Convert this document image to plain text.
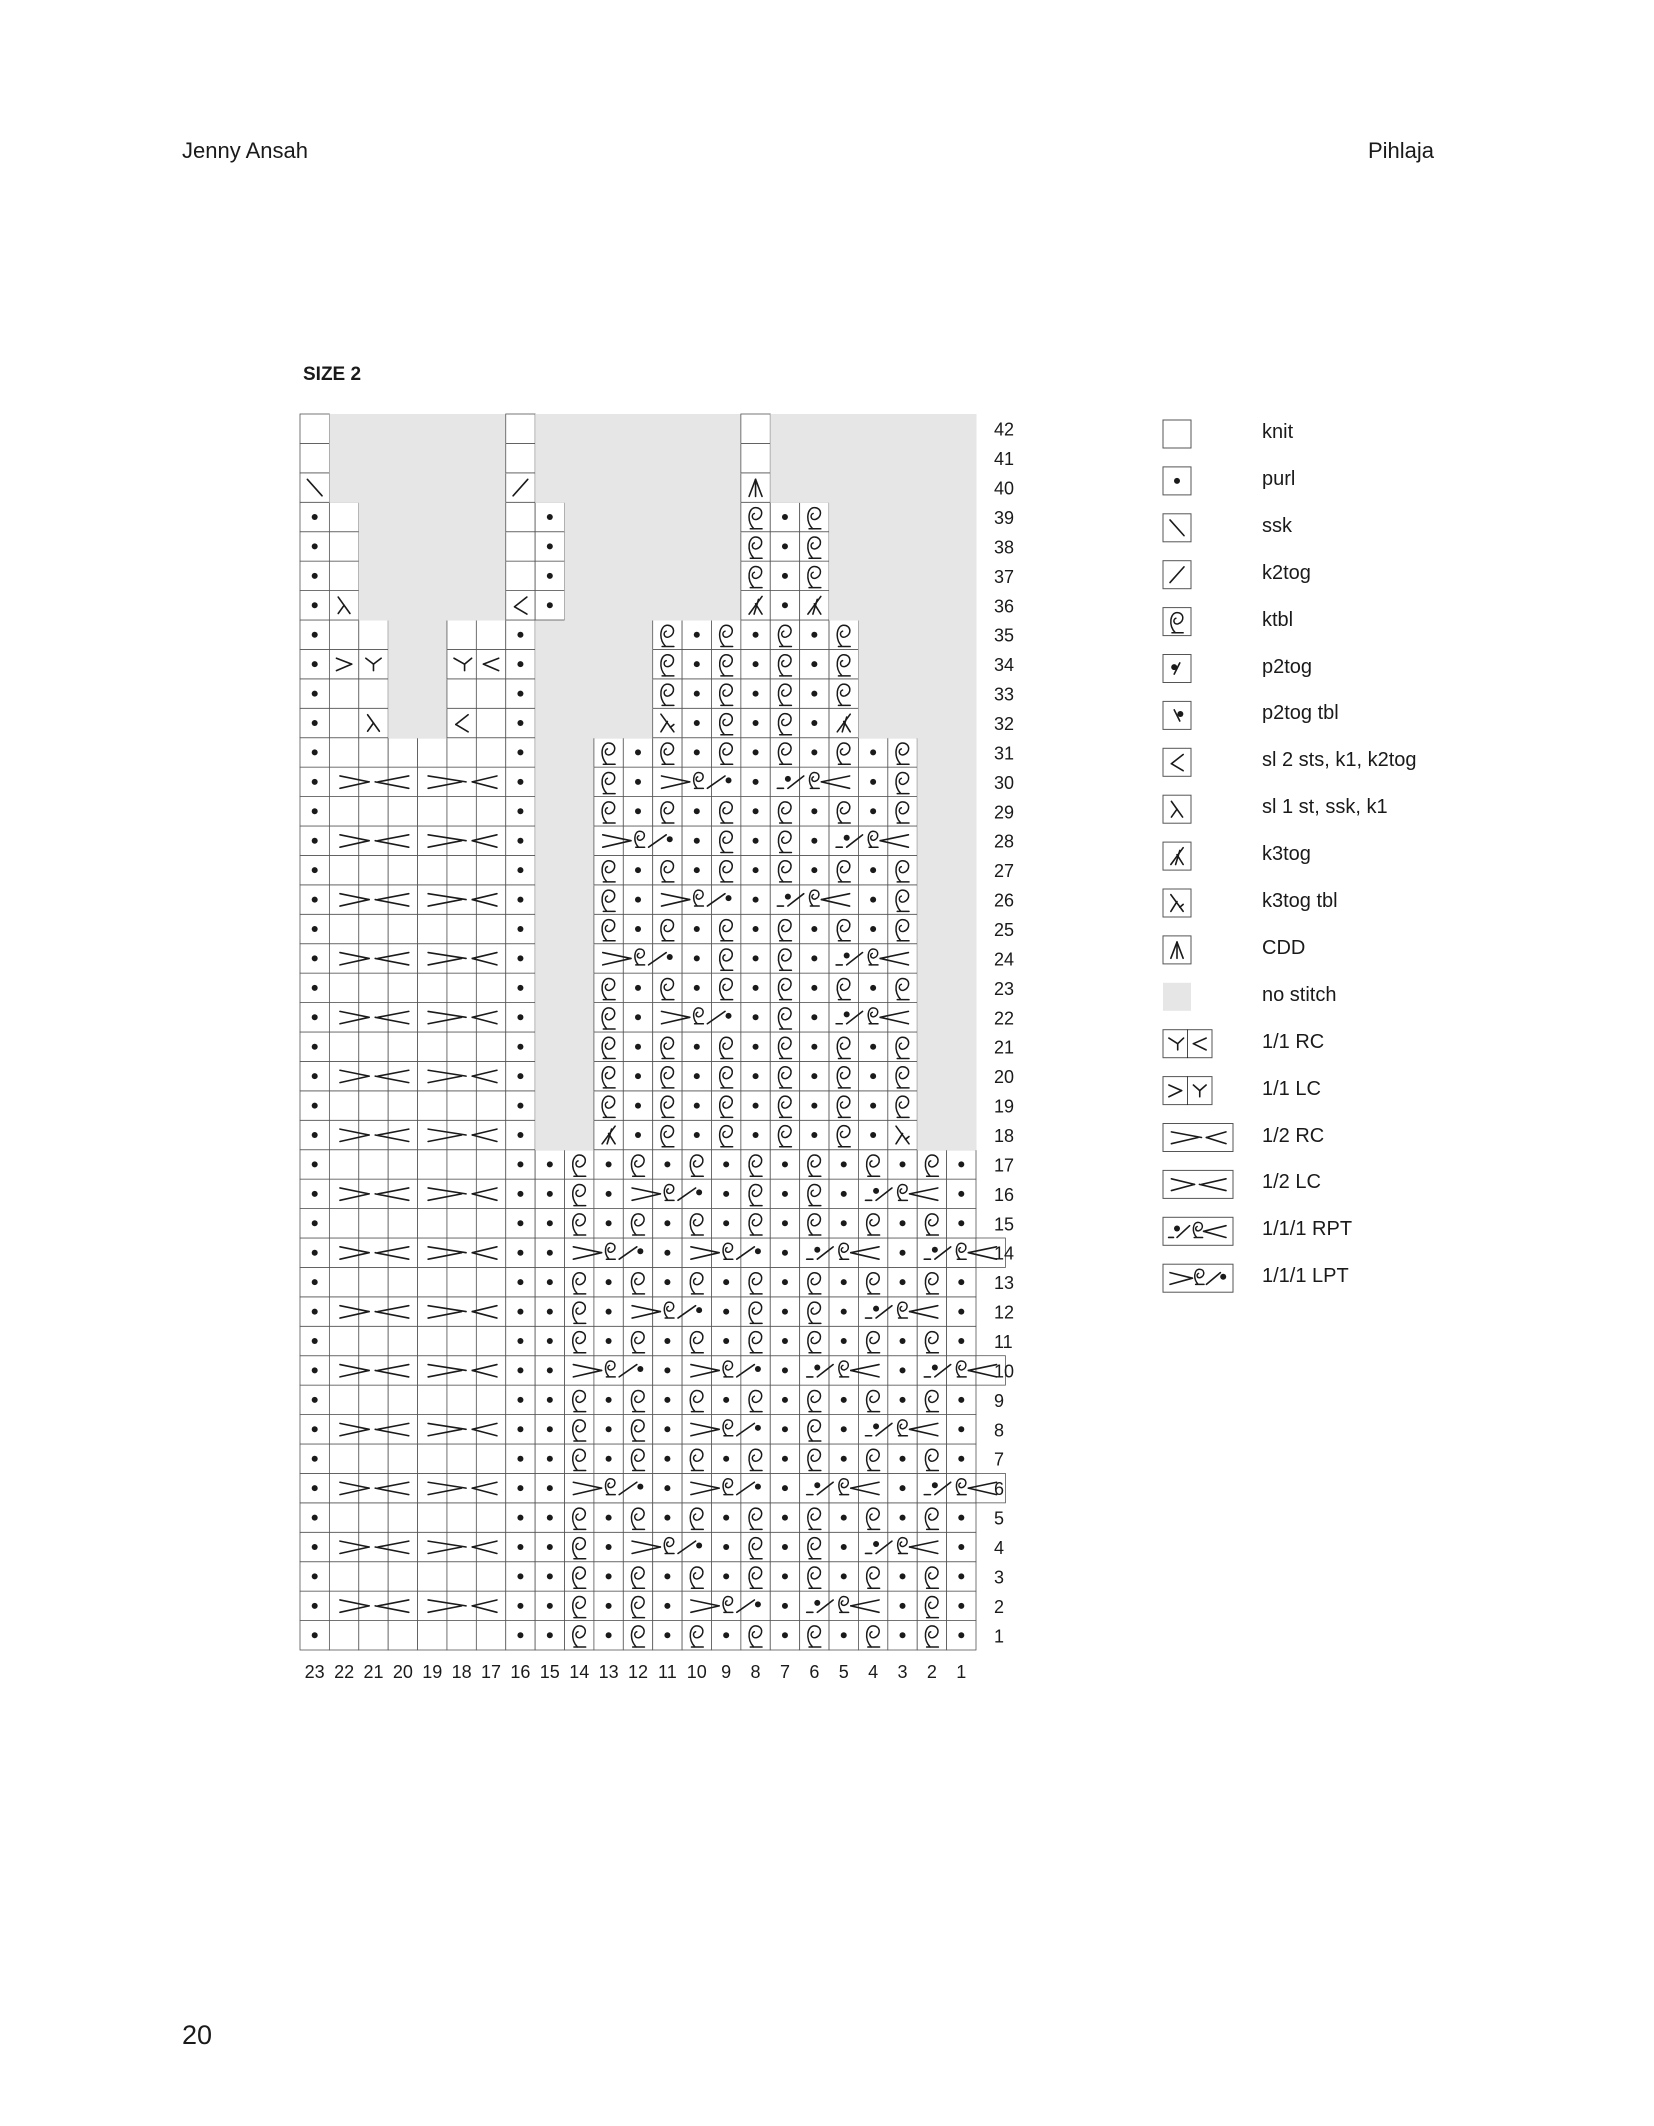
Jenny Ansah	Pihlaja
SIZE 2
1
2
3
4
5
6
7
8
9
10
11
12
13
14
15
16
17
18
19
20
21
22
23
24
25
26
27
28
29
30
31
32
33
34
35
36
37
38
39
40
41
42
23 22 21 20 19 18 17 16 15 14 13 12 11 10 9 8 7 6 5 4 3 2 1
knit
purl
ssk
k2tog
ktbl
p2tog
p2tog tbl
sl 2 sts, k1, k2tog
sl 1 st, ssk, k1
k3tog
k3tog tbl
CDD
no stitch
1/1 RC
1/1 LC
1/2 RC
1/2 LC
1/1/1 RPT
1/1/1 LPT
20
